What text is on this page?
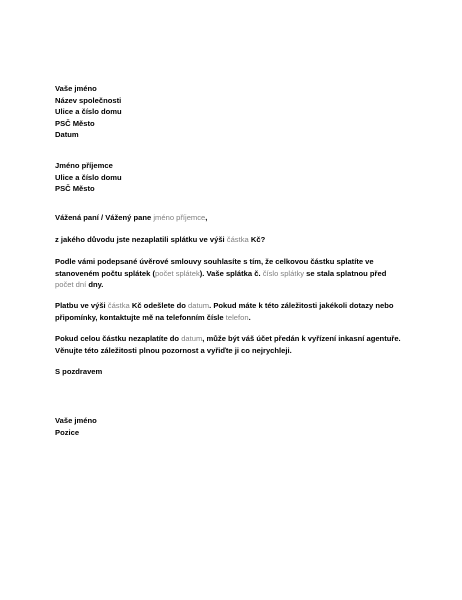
Vaše jméno
Název společnosti
Ulice a číslo domu
PSČ Město
Datum
Jméno příjemce
Ulice a číslo domu
PSČ Město
Vážená paní / Vážený pane jméno příjemce,
z jakého důvodu jste nezaplatili splátku ve výši částka Kč?
Podle vámi podepsané úvěrové smlouvy souhlasíte s tím, že celkovou částku splatíte ve
stanoveném počtu splátek (počet splátek). Vaše splátka č. číslo splátky se stala splatnou před
počet dní dny.
Platbu ve výši částka Kč odešlete do datum. Pokud máte k této záležitosti jakékoli dotazy nebo
připomínky, kontaktujte mě na telefonním čísle telefon.
Pokud celou částku nezaplatíte do datum, může být váš účet předán k vyřízení inkasní agentuře.
Věnujte této záležitosti plnou pozornost a vyřiďte ji co nejrychleji.
S pozdravem
Vaše jméno
Pozice
